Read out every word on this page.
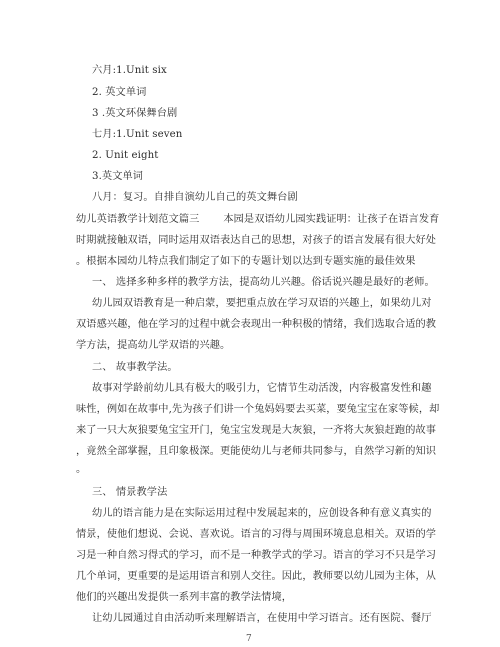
六月:1.Unit six
2. 英文单词
3 .英文环保舞台剧
七月:1.Unit seven
2. Unit eight
3.英文单词
八月：复习。自排自演幼儿自己的英文舞台剧
幼儿英语教学计划范文篇三 　　本园是双语幼儿园实践证明：让孩子在语言发育
时期就接触双语，同时运用双语表达自己的思想，对孩子的语言发展有很大好处
。根据本园幼儿特点我们制定了如下的专题计划以达到专题实施的最佳效果
一、 选择多种多样的教学方法，提高幼儿兴趣。俗话说兴趣是最好的老师。
幼儿园双语教育是一种启蒙，要把重点放在学习双语的兴趣上，如果幼儿对
双语感兴趣，他在学习的过程中就会表现出一种积极的情绪，我们选取合适的教
学方法，提高幼儿学双语的兴趣。
二、 故事教学法。
故事对学龄前幼儿具有极大的吸引力，它情节生动活泼，内容极富发性和趣
味性，例如在故事中,先为孩子们讲一个兔妈妈要去买菜，要兔宝宝在家等候，却
来了一只大灰狼要兔宝宝开门，兔宝宝发现是大灰狼，一齐将大灰狼赶跑的故事
，竟然全部掌握，且印象极深。更能使幼儿与老师共同参与，自然学习新的知识
。
三、 情景教学法
幼儿的语言能力是在实际运用过程中发展起来的，应创设各种有意义真实的
情景，使他们想说、会说、喜欢说。语言的习得与周围环境息息相关。双语的学
习是一种自然习得式的学习，而不是一种教学式的学习。语言的学习不只是学习
几个单词，更重要的是运用语言和别人交往。因此，教师要以幼儿园为主体，从
他们的兴趣出发提供一系列丰富的教学法情境，
让幼儿园通过自由活动听来理解语言，在使用中学习语言。还有医院、餐厅
7
